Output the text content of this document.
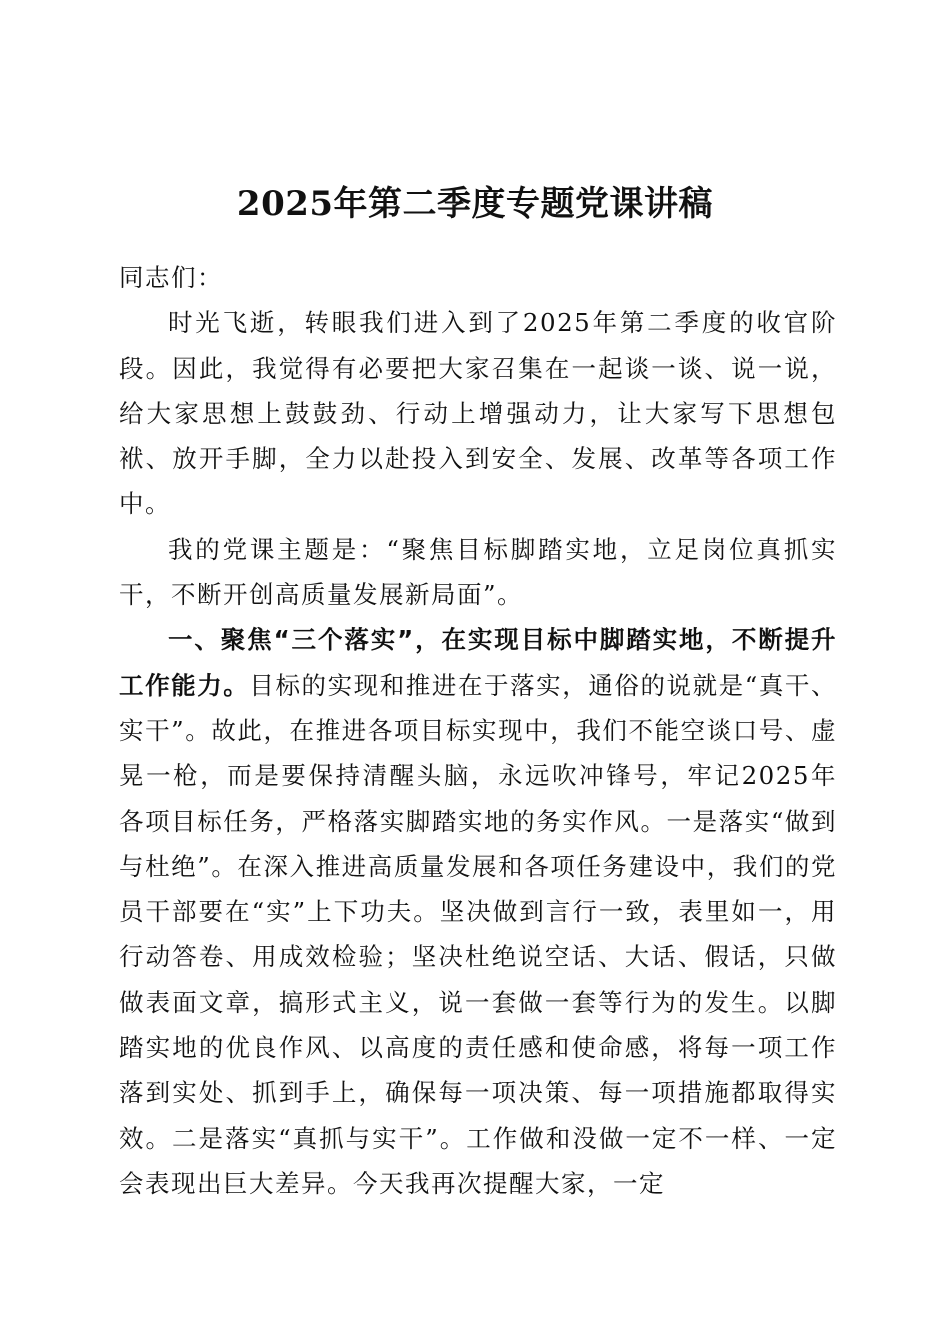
2025年第二季度专题党课讲稿

同志们：

时光飞逝，转眼我们进入到了2025年第二季度的收官阶段。因此，我觉得有必要把大家召集在一起谈一谈、说一说，给大家思想上鼓鼓劲、行动上增强动力，让大家写下思想包袱、放开手脚，全力以赴投入到安全、发展、改革等各项工作中。

我的党课主题是：“聚焦目标脚踏实地，立足岗位真抓实干，不断开创高质量发展新局面”。

一、聚焦“三个落实”，在实现目标中脚踏实地，不断提升工作能力。目标的实现和推进在于落实，通俗的说就是“真干、实干”。故此，在推进各项目标实现中，我们不能空谈口号、虚晃一枪，而是要保持清醒头脑，永远吹冲锋号，牢记2025年各项目标任务，严格落实脚踏实地的务实作风。一是落实“做到与杜绝”。在深入推进高质量发展和各项任务建设中，我们的党员干部要在“实”上下功夫。坚决做到言行一致，表里如一，用行动答卷、用成效检验；坚决杜绝说空话、大话、假话，只做做表面文章，搞形式主义，说一套做一套等行为的发生。以脚踏实地的优良作风、以高度的责任感和使命感，将每一项工作落到实处、抓到手上，确保每一项决策、每一项措施都取得实效。二是落实“真抓与实干”。工作做和没做一定不一样、一定会表现出巨大差异。今天我再次提醒大家，一定
